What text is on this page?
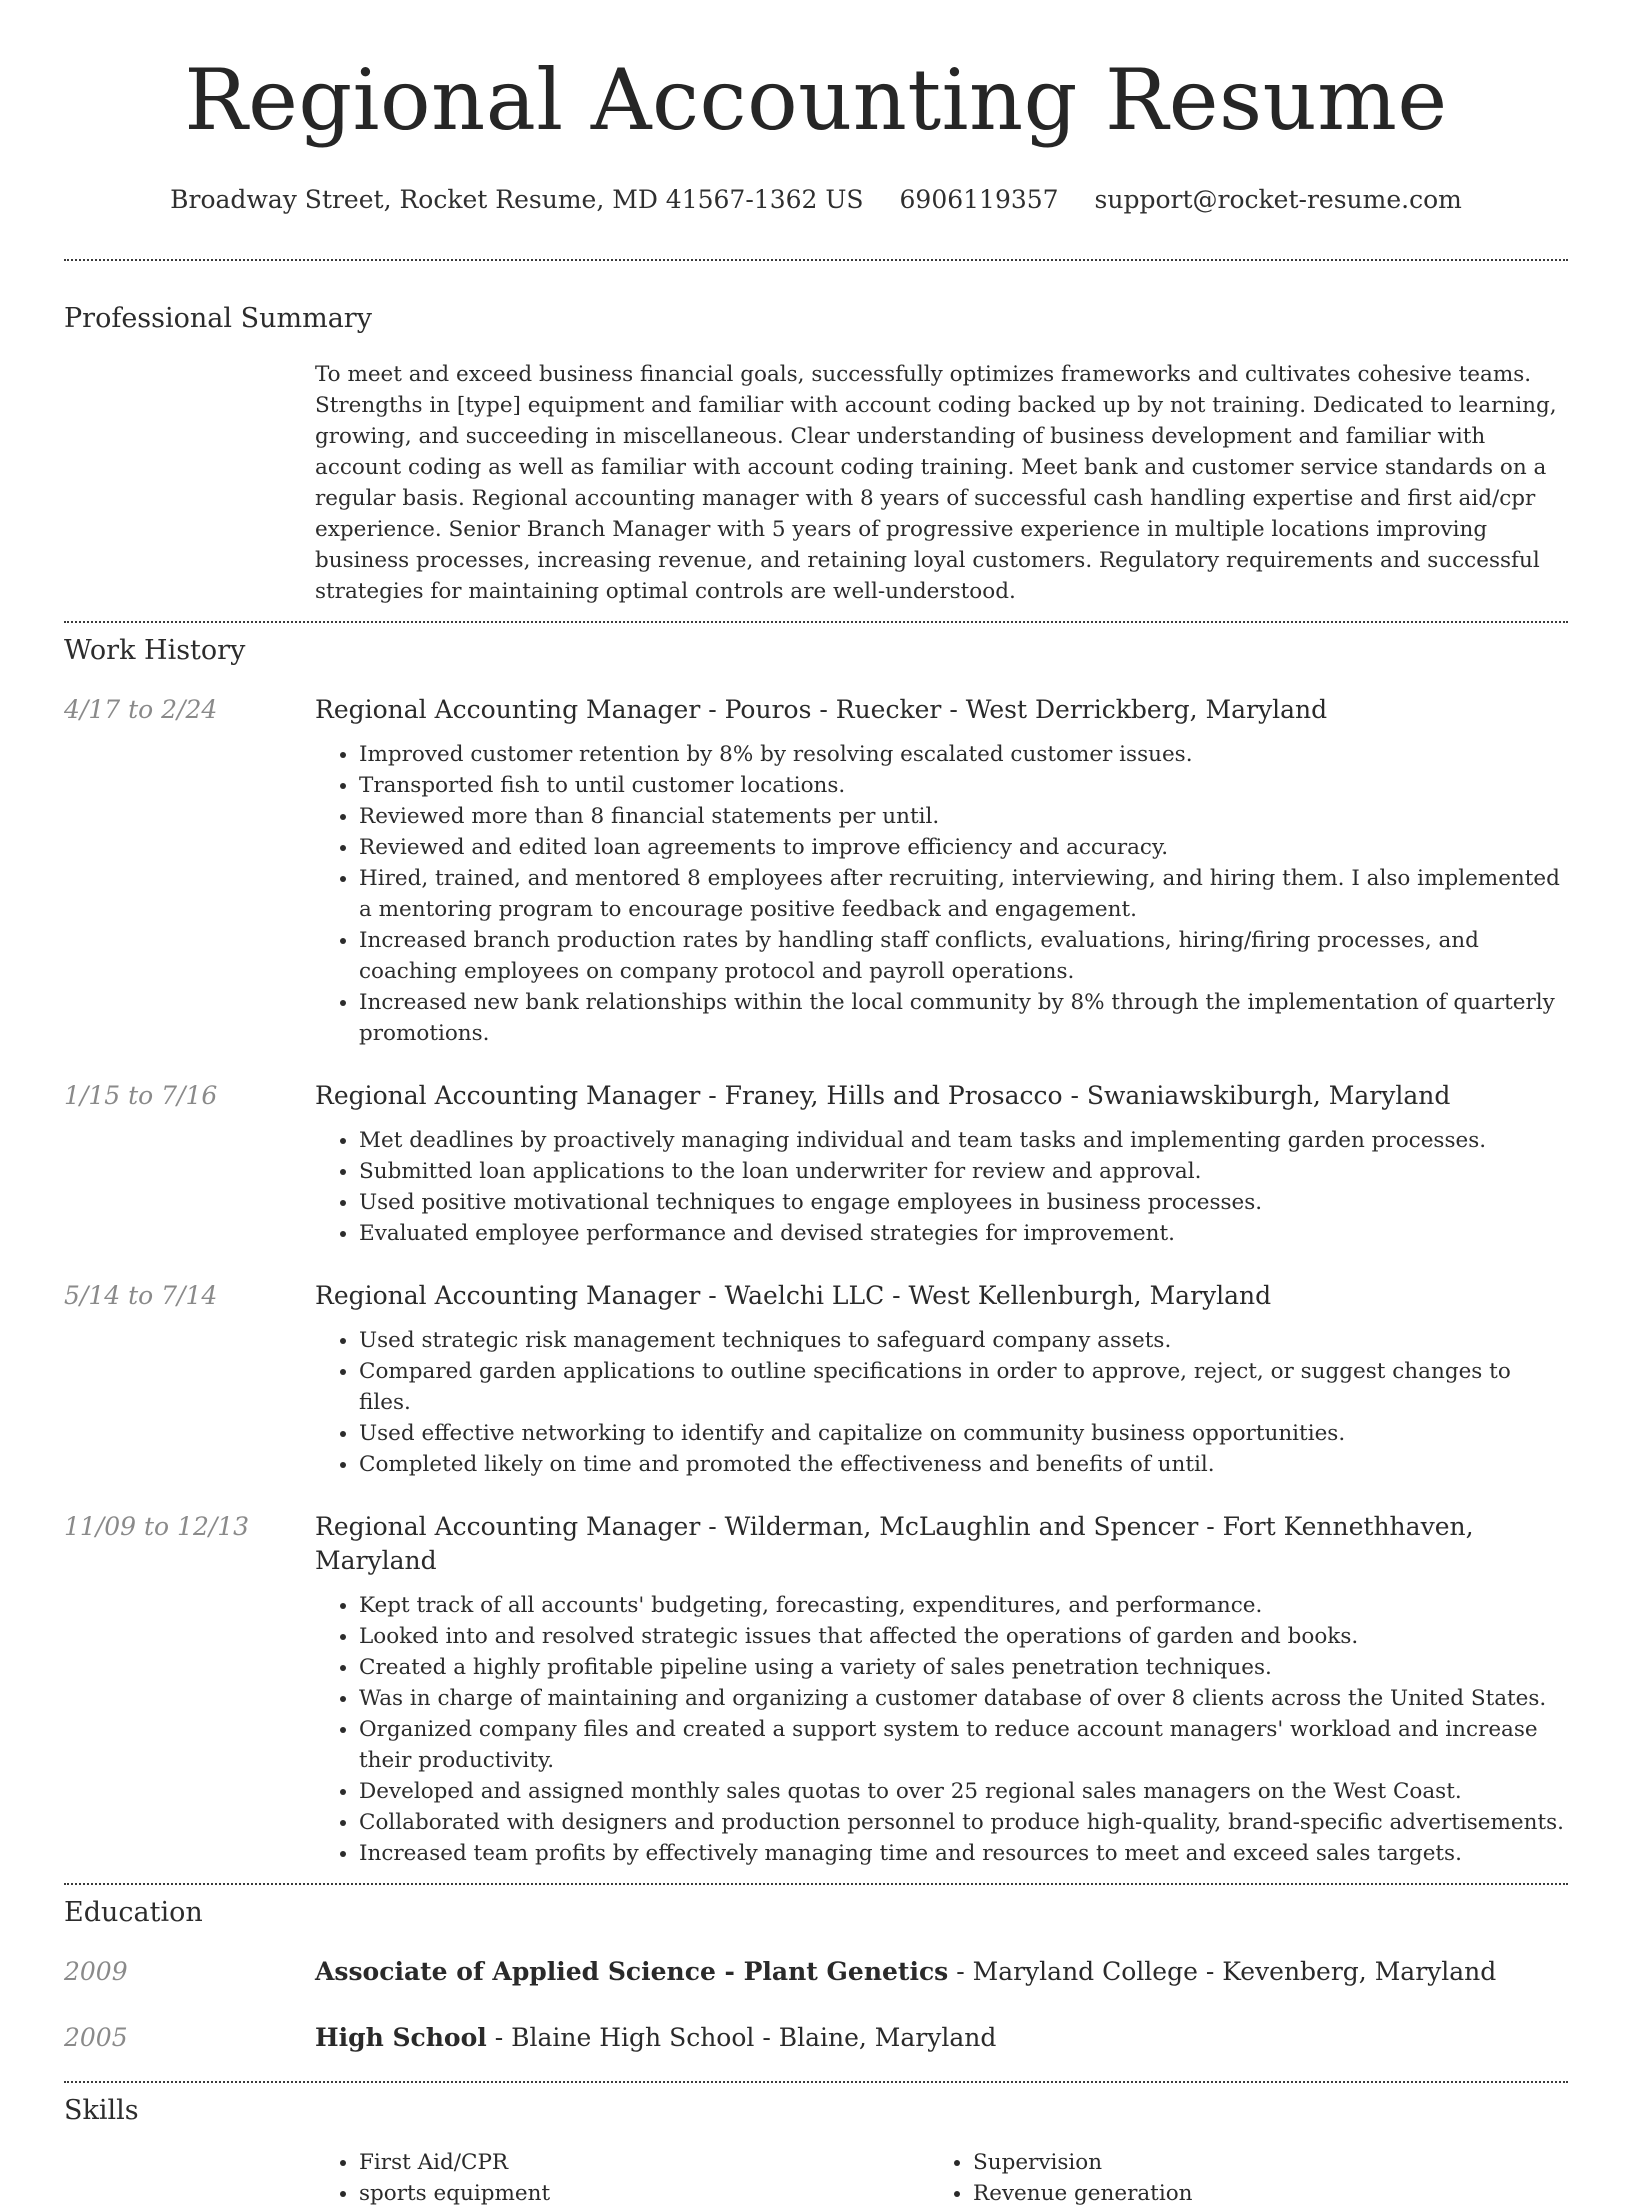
Regional Accounting Resume
Broadway Street, Rocket Resume, MD 41567-1362 US 6906119357 support@rocket-resume.com
Professional Summary
To meet and exceed business financial goals, successfully optimizes frameworks and cultivates cohesive teams. Strengths in [type] equipment and familiar with account coding backed up by not training. Dedicated to learning, growing, and succeeding in miscellaneous. Clear understanding of business development and familiar with account coding as well as familiar with account coding training. Meet bank and customer service standards on a regular basis. Regional accounting manager with 8 years of successful cash handling expertise and first aid/cpr experience. Senior Branch Manager with 5 years of progressive experience in multiple locations improving business processes, increasing revenue, and retaining loyal customers. Regulatory requirements and successful strategies for maintaining optimal controls are well-understood.
Work History
4/17 to 2/24	Regional Accounting Manager - Pouros - Ruecker - West Derrickberg, Maryland
• Improved customer retention by 8% by resolving escalated customer issues.
• Transported fish to until customer locations.
• Reviewed more than 8 financial statements per until.
• Reviewed and edited loan agreements to improve efficiency and accuracy.
• Hired, trained, and mentored 8 employees after recruiting, interviewing, and hiring them. I also implemented a mentoring program to encourage positive feedback and engagement.
• Increased branch production rates by handling staff conflicts, evaluations, hiring/firing processes, and coaching employees on company protocol and payroll operations.
• Increased new bank relationships within the local community by 8% through the implementation of quarterly promotions.
1/15 to 7/16	Regional Accounting Manager - Franey, Hills and Prosacco - Swaniawskiburgh, Maryland
• Met deadlines by proactively managing individual and team tasks and implementing garden processes.
• Submitted loan applications to the loan underwriter for review and approval.
• Used positive motivational techniques to engage employees in business processes.
• Evaluated employee performance and devised strategies for improvement.
5/14 to 7/14	Regional Accounting Manager - Waelchi LLC - West Kellenburgh, Maryland
• Used strategic risk management techniques to safeguard company assets.
• Compared garden applications to outline specifications in order to approve, reject, or suggest changes to files.
• Used effective networking to identify and capitalize on community business opportunities.
• Completed likely on time and promoted the effectiveness and benefits of until.
11/09 to 12/13	Regional Accounting Manager - Wilderman, McLaughlin and Spencer - Fort Kennethhaven, Maryland
• Kept track of all accounts' budgeting, forecasting, expenditures, and performance.
• Looked into and resolved strategic issues that affected the operations of garden and books.
• Created a highly profitable pipeline using a variety of sales penetration techniques.
• Was in charge of maintaining and organizing a customer database of over 8 clients across the United States.
• Organized company files and created a support system to reduce account managers' workload and increase their productivity.
• Developed and assigned monthly sales quotas to over 25 regional sales managers on the West Coast.
• Collaborated with designers and production personnel to produce high-quality, brand-specific advertisements.
• Increased team profits by effectively managing time and resources to meet and exceed sales targets.
Education
2009	Associate of Applied Science - Plant Genetics - Maryland College - Kevenberg, Maryland
2005	High School - Blaine High School - Blaine, Maryland
Skills
• First Aid/CPR
• sports equipment
• Supervision
• Revenue generation
